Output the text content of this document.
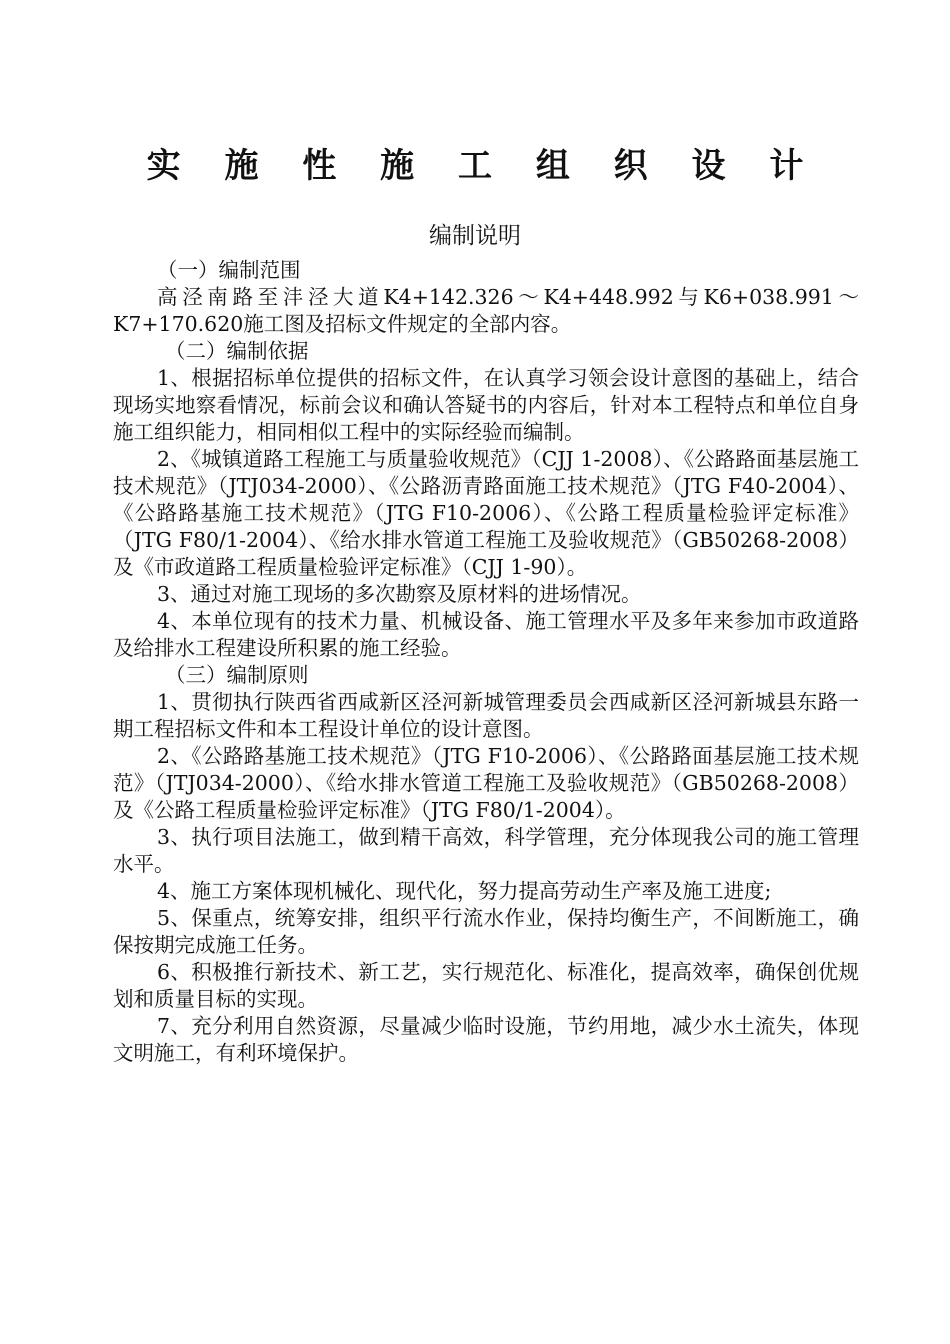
实 施 性 施 工 组 织 设 计
编制说明

（一）编制范围

高泾南路至沣泾大道K4+142.326～K4+448.992与K6+038.991～K7+170.620施工图及招标文件规定的全部内容。

（二）编制依据

1、根据招标单位提供的招标文件，在认真学习领会设计意图的基础上，结合现场实地察看情况，标前会议和确认答疑书的内容后，针对本工程特点和单位自身施工组织能力，相同相似工程中的实际经验而编制。

2、《城镇道路工程施工与质量验收规范》（CJJ 1-2008）、《公路路面基层施工技术规范》（JTJ034-2000）、《公路沥青路面施工技术规范》（JTG F40-2004）、《公路路基施工技术规范》（JTG F10-2006）、《公路工程质量检验评定标准》（JTG F80/1-2004）、《给水排水管道工程施工及验收规范》（GB50268-2008）及《市政道路工程质量检验评定标准》（CJJ 1-90）。

3、通过对施工现场的多次勘察及原材料的进场情况。

4、本单位现有的技术力量、机械设备、施工管理水平及多年来参加市政道路及给排水工程建设所积累的施工经验。

（三）编制原则

1、贯彻执行陕西省西咸新区泾河新城管理委员会西咸新区泾河新城县东路一期工程招标文件和本工程设计单位的设计意图。

2、《公路路基施工技术规范》（JTG F10-2006）、《公路路面基层施工技术规范》（JTJ034-2000）、《给水排水管道工程施工及验收规范》（GB50268-2008）及《公路工程质量检验评定标准》（JTG F80/1-2004）。

3、执行项目法施工，做到精干高效，科学管理，充分体现我公司的施工管理水平。

4、施工方案体现机械化、现代化，努力提高劳动生产率及施工进度;

5、保重点，统筹安排，组织平行流水作业，保持均衡生产，不间断施工，确保按期完成施工任务。

6、积极推行新技术、新工艺，实行规范化、标准化，提高效率，确保创优规划和质量目标的实现。

7、充分利用自然资源，尽量减少临时设施，节约用地，减少水土流失，体现文明施工，有利环境保护。
